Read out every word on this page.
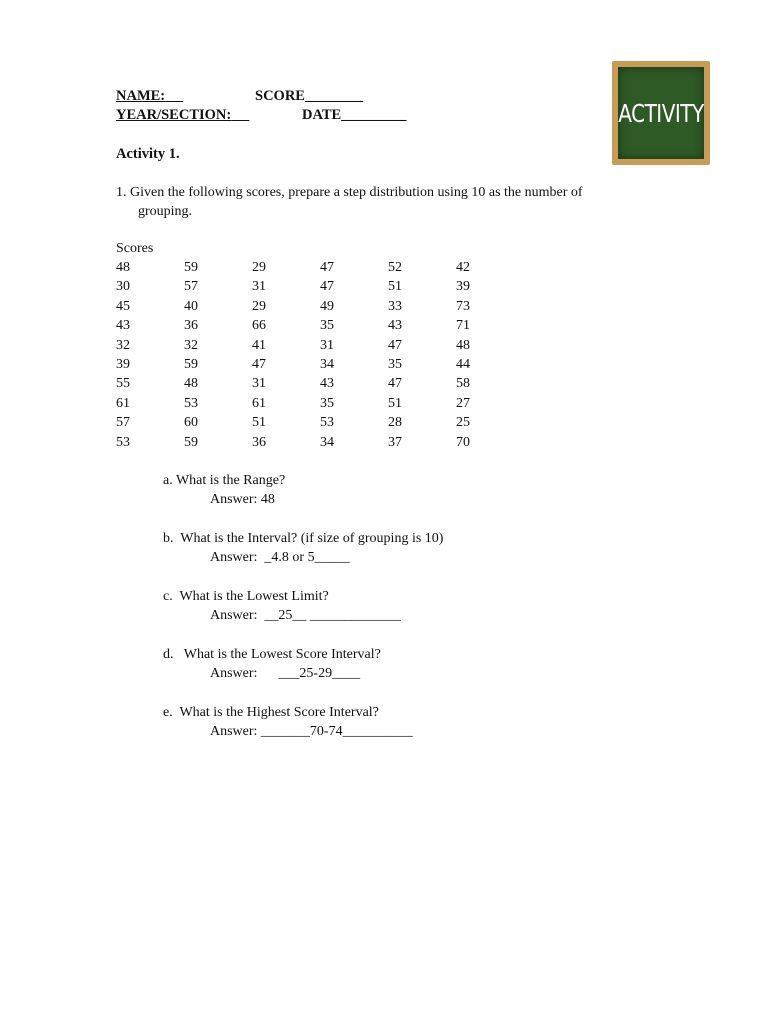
NAME:	SCORE________
YEAR/SECTION:	DATE_________	ACTIVITY
Activity 1.
1. Given the following scores, prepare a step distribution using 10 as the number of
grouping.
Scores
48	59	29	47	52	42
30	57	31	47	51	39
45	40	29	49	33	73
43	36	66	35	43	71
32	32	41	31	47	48
39	59	47	34	35	44
55	48	31	43	47	58
61	53	61	35	51	27
57	60	51	53	28	25
53	59	36	34	37	70
a. What is the Range?
Answer: 48
b.  What is the Interval? (if size of grouping is 10)
Answer:  _4.8 or 5_____
c.  What is the Lowest Limit?
Answer:  __25__ _____________
d.   What is the Lowest Score Interval?
Answer:      ___25-29____
e.  What is the Highest Score Interval?
Answer: _______70-74__________
